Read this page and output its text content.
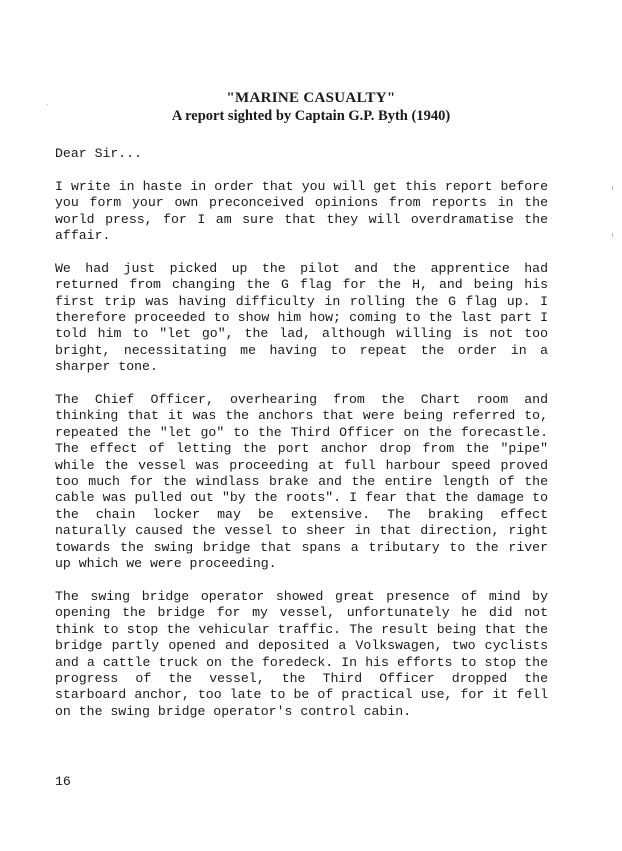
"MARINE CASUALTY"
A report sighted by Captain G.P. Byth (1940)

Dear Sir...

I write in haste in order that you will get this report before you form your own preconceived opinions from reports in the world press, for I am sure that they will overdramatise the affair.

We had just picked up the pilot and the apprentice had returned from changing the G flag for the H, and being his first trip was having difficulty in rolling the G flag up. I therefore proceeded to show him how; coming to the last part I told him to "let go", the lad, although willing is not too bright, necessitating me having to repeat the order in a sharper tone.

The Chief Officer, overhearing from the Chart room and thinking that it was the anchors that were being referred to, repeated the "let go" to the Third Officer on the forecastle. The effect of letting the port anchor drop from the "pipe" while the vessel was proceeding at full harbour speed proved too much for the windlass brake and the entire length of the cable was pulled out "by the roots". I fear that the damage to the chain locker may be extensive. The braking effect naturally caused the vessel to sheer in that direction, right towards the swing bridge that spans a tributary to the river up which we were proceeding.

The swing bridge operator showed great presence of mind by opening the bridge for my vessel, unfortunately he did not think to stop the vehicular traffic. The result being that the bridge partly opened and deposited a Volkswagen, two cyclists and a cattle truck on the foredeck. In his efforts to stop the progress of the vessel, the Third Officer dropped the starboard anchor, too late to be of practical use, for it fell on the swing bridge operator's control cabin.

16
